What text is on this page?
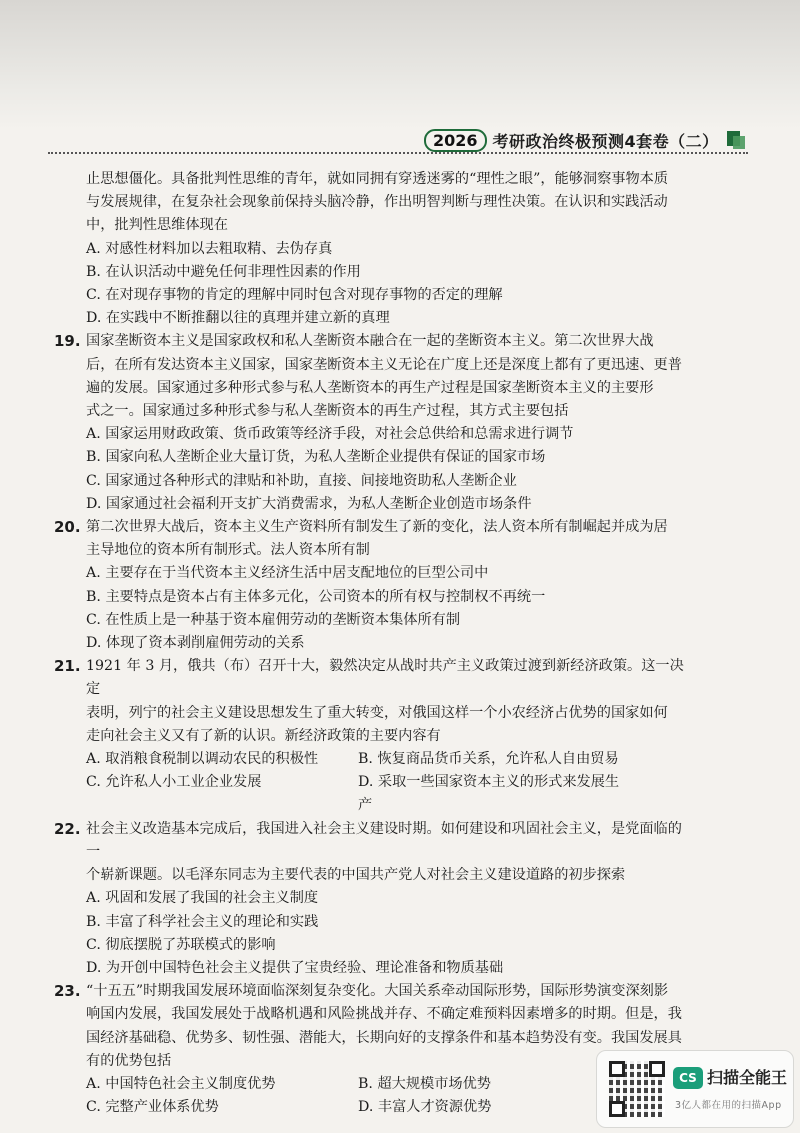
2026 考研政治终极预测4套卷（二）

止思想僵化。具备批判性思维的青年，就如同拥有穿透迷雾的“理性之眼”，能够洞察事物本质

与发展规律，在复杂社会现象前保持头脑冷静，作出明智判断与理性决策。在认识和实践活动

中，批判性思维体现在

A. 对感性材料加以去粗取精、去伪存真

B. 在认识活动中避免任何非理性因素的作用

C. 在对现存事物的肯定的理解中同时包含对现存事物的否定的理解

D. 在实践中不断推翻以往的真理并建立新的真理

19. 国家垄断资本主义是国家政权和私人垄断资本融合在一起的垄断资本主义。第二次世界大战

后，在所有发达资本主义国家，国家垄断资本主义无论在广度上还是深度上都有了更迅速、更普

遍的发展。国家通过多种形式参与私人垄断资本的再生产过程是国家垄断资本主义的主要形

式之一。国家通过多种形式参与私人垄断资本的再生产过程，其方式主要包括

A. 国家运用财政政策、货币政策等经济手段，对社会总供给和总需求进行调节

B. 国家向私人垄断企业大量订货，为私人垄断企业提供有保证的国家市场

C. 国家通过各种形式的津贴和补助，直接、间接地资助私人垄断企业

D. 国家通过社会福利开支扩大消费需求，为私人垄断企业创造市场条件

20. 第二次世界大战后，资本主义生产资料所有制发生了新的变化，法人资本所有制崛起并成为居

主导地位的资本所有制形式。法人资本所有制

A. 主要存在于当代资本主义经济生活中居支配地位的巨型公司中

B. 主要特点是资本占有主体多元化，公司资本的所有权与控制权不再统一

C. 在性质上是一种基于资本雇佣劳动的垄断资本集体所有制

D. 体现了资本剥削雇佣劳动的关系

21. 1921 年 3 月，俄共（布）召开十大，毅然决定从战时共产主义政策过渡到新经济政策。这一决定

表明，列宁的社会主义建设思想发生了重大转变，对俄国这样一个小农经济占优势的国家如何

走向社会主义又有了新的认识。新经济政策的主要内容有

A. 取消粮食税制以调动农民的积极性	B. 恢复商品货币关系，允许私人自由贸易

C. 允许私人小工业企业发展	D. 采取一些国家资本主义的形式来发展生产

22. 社会主义改造基本完成后，我国进入社会主义建设时期。如何建设和巩固社会主义，是党面临的一

个崭新课题。以毛泽东同志为主要代表的中国共产党人对社会主义建设道路的初步探索

A. 巩固和发展了我国的社会主义制度

B. 丰富了科学社会主义的理论和实践

C. 彻底摆脱了苏联模式的影响

D. 为开创中国特色社会主义提供了宝贵经验、理论准备和物质基础

23. “十五五”时期我国发展环境面临深刻复杂变化。大国关系牵动国际形势，国际形势演变深刻影

响国内发展，我国发展处于战略机遇和风险挑战并存、不确定难预料因素增多的时期。但是，我

国经济基础稳、优势多、韧性强、潜能大，长期向好的支撑条件和基本趋势没有变。我国发展具

有的优势包括

A. 中国特色社会主义制度优势	B. 超大规模市场优势

C. 完整产业体系优势	D. 丰富人才资源优势

CS 扫描全能王
3亿人都在用的扫描App
